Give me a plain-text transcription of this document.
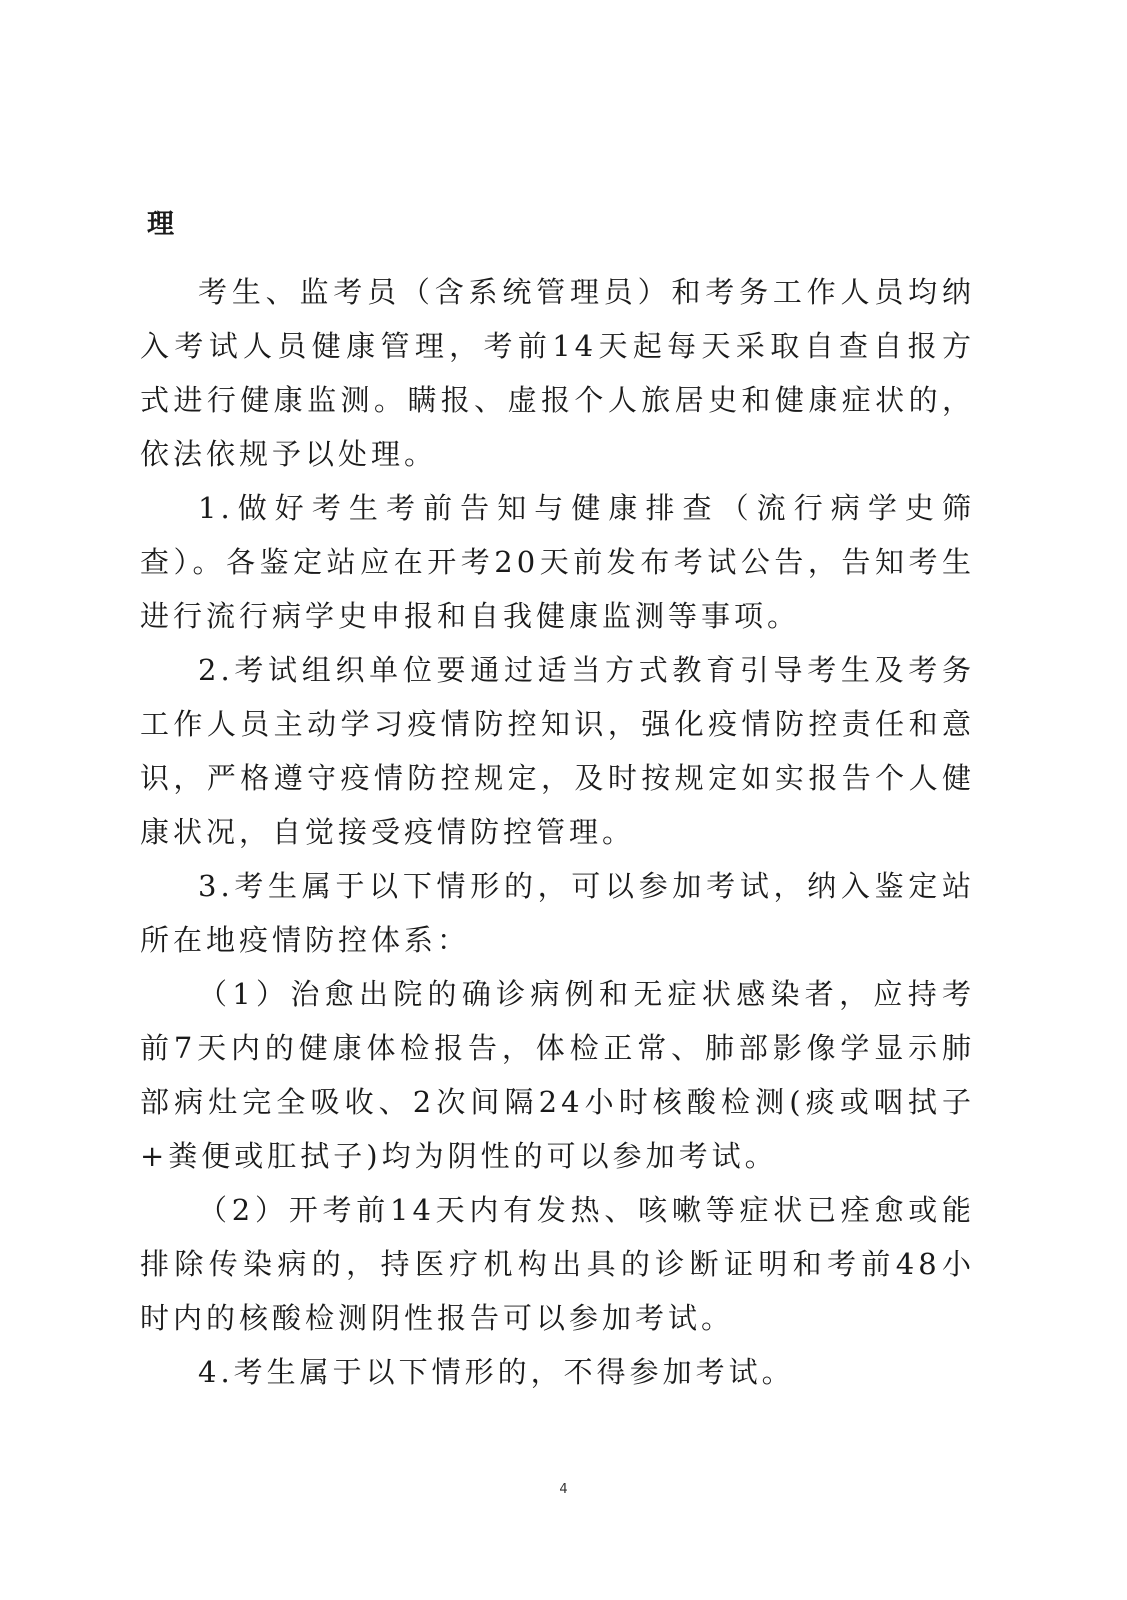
理

考生、监考员（含系统管理员）和考务工作人员均纳入考试人员健康管理，考前14天起每天采取自查自报方式进行健康监测。瞒报、虚报个人旅居史和健康症状的，依法依规予以处理。

1.做好考生考前告知与健康排查（流行病学史筛查）。各鉴定站应在开考20天前发布考试公告，告知考生进行流行病学史申报和自我健康监测等事项。

2.考试组织单位要通过适当方式教育引导考生及考务工作人员主动学习疫情防控知识，强化疫情防控责任和意识，严格遵守疫情防控规定，及时按规定如实报告个人健康状况，自觉接受疫情防控管理。

3.考生属于以下情形的，可以参加考试，纳入鉴定站所在地疫情防控体系：

（1）治愈出院的确诊病例和无症状感染者，应持考前7天内的健康体检报告，体检正常、肺部影像学显示肺部病灶完全吸收、2次间隔24小时核酸检测(痰或咽拭子+粪便或肛拭子)均为阴性的可以参加考试。

（2）开考前14天内有发热、咳嗽等症状已痊愈或能排除传染病的，持医疗机构出具的诊断证明和考前48小时内的核酸检测阴性报告可以参加考试。

4.考生属于以下情形的，不得参加考试。

4
